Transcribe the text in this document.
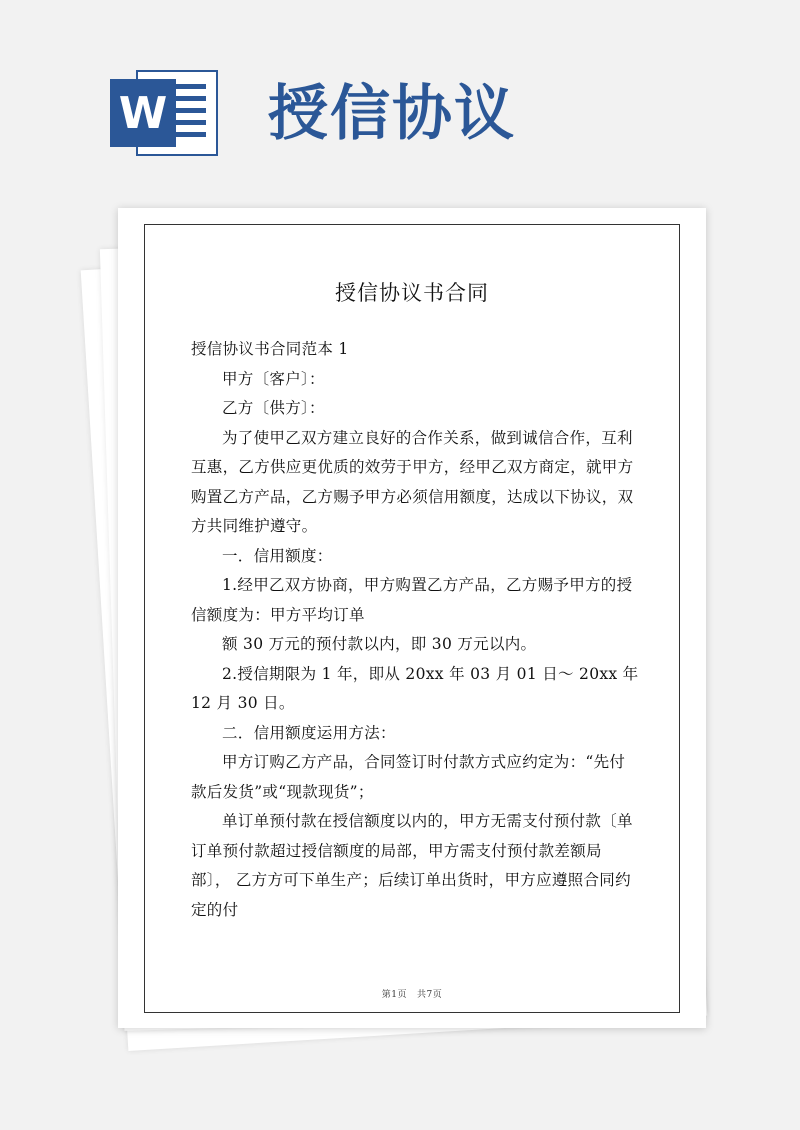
W 授信协议
授信协议书合同

授信协议书合同范本 1

甲方〔客户〕：

乙方〔供方〕：

为了使甲乙双方建立良好的合作关系，做到诚信合作，互利互惠，乙方供应更优质的效劳于甲方，经甲乙双方商定，就甲方购置乙方产品，乙方赐予甲方必须信用额度，达成以下协议，双方共同维护遵守。

一．信用额度：

1.经甲乙双方协商，甲方购置乙方产品，乙方赐予甲方的授信额度为：甲方平均订单

额 30 万元的预付款以内，即 30 万元以内。

2.授信期限为 1 年，即从 20xx 年 03 月 01 日～ 20xx 年 12 月 30 日。

二．信用额度运用方法：

甲方订购乙方产品，合同签订时付款方式应约定为：“先付款后发货”或“现款现货”；

单订单预付款在授信额度以内的，甲方无需支付预付款〔单订单预付款超过授信额度的局部，甲方需支付预付款差额局部〕， 乙方方可下单生产；后续订单出货时，甲方应遵照合同约定的付

第1页 共7页
